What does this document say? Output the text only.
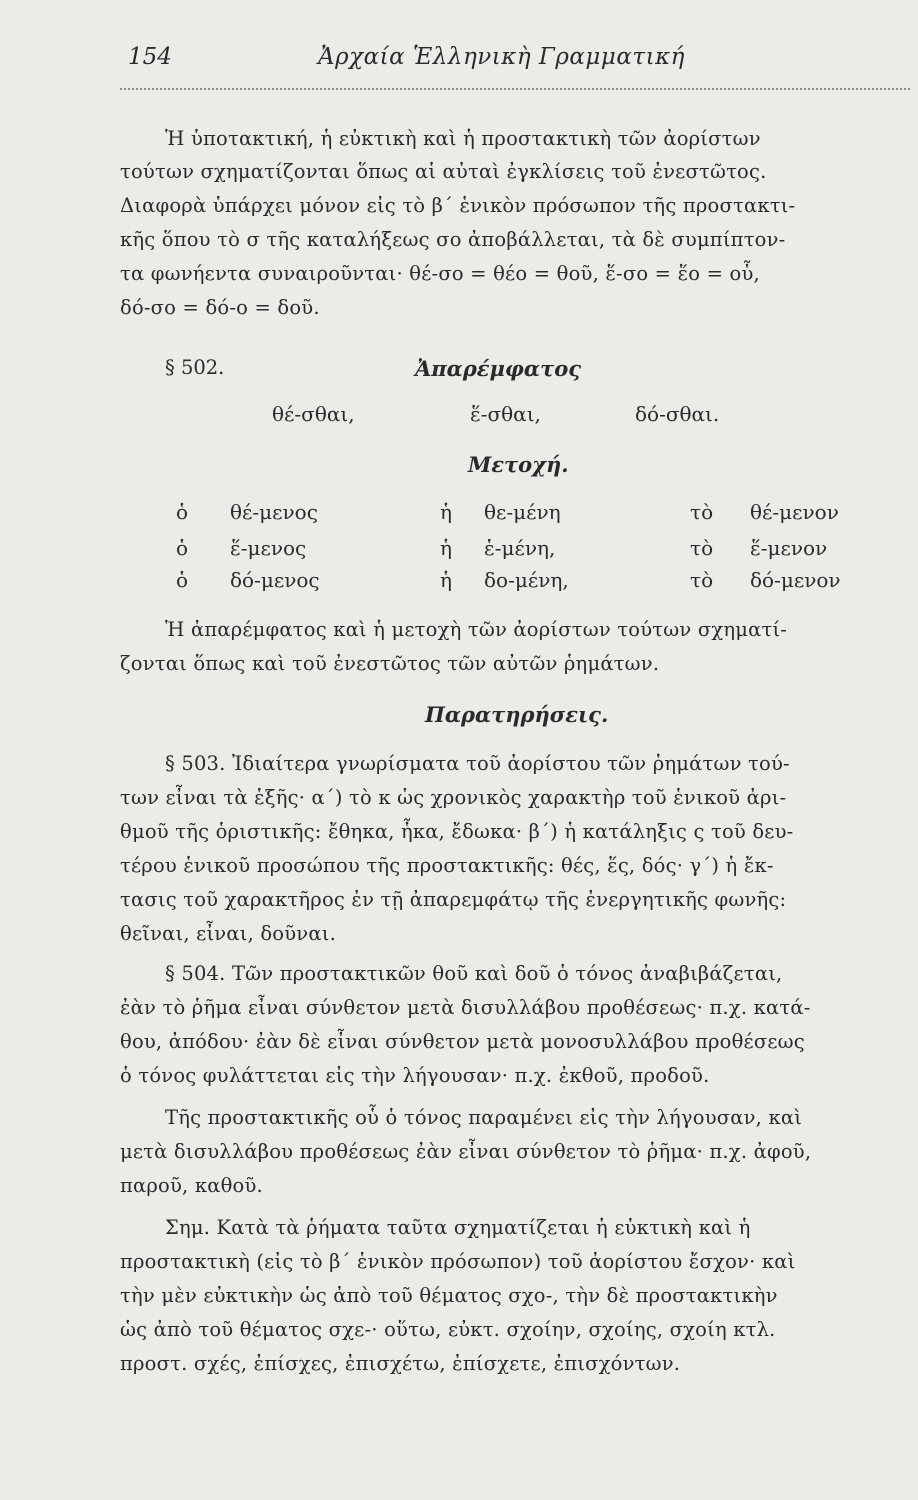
154	Ἀρχαία Ἑλληνικὴ Γραμματική
Ἡ ὑποτακτική, ἡ εὐκτικὴ καὶ ἡ προστακτικὴ τῶν ἀορίστων
τούτων σχηματίζονται ὅπως αἱ αὐταὶ ἐγκλίσεις τοῦ ἐνεστῶτος.
Διαφορὰ ὑπάρχει μόνον εἰς τὸ β´ ἑνικὸν πρόσωπον τῆς προστακτι-
κῆς ὅπου τὸ σ τῆς καταλήξεως σο ἀποβάλλεται, τὰ δὲ συμπίπτον-
τα φωνήεντα συναιροῦνται· θέ-σο = θέο = θοῦ, ἕ-σο = ἕο = οὗ,
δό-σο = δό-ο = δοῦ.
§ 502.	Ἀπαρέμφατος
θέ-σθαι,	ἕ-σθαι,	δό-σθαι.
Μετοχή.
ὁ θέ-μενος	ἡ θε-μένη	τὸ θέ-μενον
ὁ ἕ-μενος	ἡ ἑ-μένη,	τὸ ἕ-μενον
ὁ δό-μενος	ἡ δο-μένη,	τὸ δό-μενον
Ἡ ἀπαρέμφατος καὶ ἡ μετοχὴ τῶν ἀορίστων τούτων σχηματί-
ζονται ὅπως καὶ τοῦ ἐνεστῶτος τῶν αὐτῶν ῥημάτων.
Παρατηρήσεις.
§ 503. Ἰδιαίτερα γνωρίσματα τοῦ ἀορίστου τῶν ῥημάτων τού-
των εἶναι τὰ ἑξῆς· α´) τὸ κ ὡς χρονικὸς χαρακτὴρ τοῦ ἑνικοῦ ἀρι-
θμοῦ τῆς ὁριστικῆς: ἔθηκα, ἧκα, ἔδωκα· β´) ἡ κατάληξις ς τοῦ δευ-
τέρου ἑνικοῦ προσώπου τῆς προστακτικῆς: θές, ἕς, δός· γ´) ἡ ἔκ-
τασις τοῦ χαρακτῆρος ἐν τῇ ἀπαρεμφάτῳ τῆς ἐνεργητικῆς φωνῆς:
θεῖναι, εἶναι, δοῦναι.
§ 504. Τῶν προστακτικῶν θοῦ καὶ δοῦ ὁ τόνος ἀναβιβάζεται,
ἐὰν τὸ ῥῆμα εἶναι σύνθετον μετὰ δισυλλάβου προθέσεως· π.χ. κατά-
θου, ἀπόδου· ἐὰν δὲ εἶναι σύνθετον μετὰ μονοσυλλάβου προθέσεως
ὁ τόνος φυλάττεται εἰς τὴν λήγουσαν· π.χ. ἐκθοῦ, προδοῦ.
Τῆς προστακτικῆς οὗ ὁ τόνος παραμένει εἰς τὴν λήγουσαν, καὶ
μετὰ δισυλλάβου προθέσεως ἐὰν εἶναι σύνθετον τὸ ῥῆμα· π.χ. ἀφοῦ,
παροῦ, καθοῦ.
Σημ. Κατὰ τὰ ῥήματα ταῦτα σχηματίζεται ἡ εὐκτικὴ καὶ ἡ
προστακτικὴ (εἰς τὸ β´ ἑνικὸν πρόσωπον) τοῦ ἀορίστου ἔσχον· καὶ
τὴν μὲν εὐκτικὴν ὡς ἀπὸ τοῦ θέματος σχο-, τὴν δὲ προστακτικὴν
ὡς ἀπὸ τοῦ θέματος σχε-· οὕτω, εὐκτ. σχοίην, σχοίης, σχοίη κτλ.
προστ. σχές, ἐπίσχες, ἐπισχέτω, ἐπίσχετε, ἐπισχόντων.
